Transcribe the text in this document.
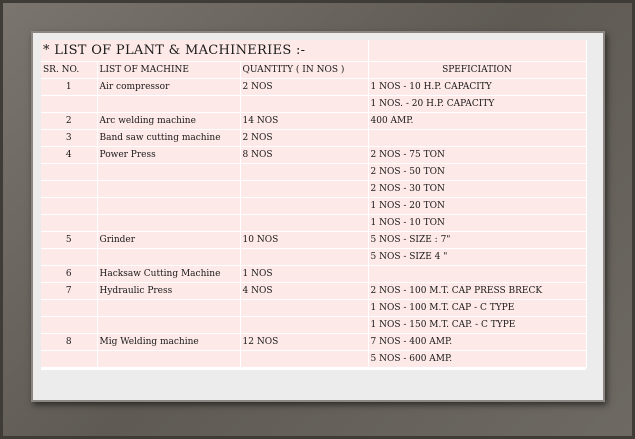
* LIST OF PLANT & MACHINERIES :-			
SR. NO.	LIST OF MACHINE	QUANTITY ( IN NOS )	SPEFICIATION
1	Air compressor	2 NOS	1 NOS - 10 H.P. CAPACITY
			1 NOS. - 20 H.P. CAPACITY
2	Arc welding machine	14 NOS	400 AMP.
3	Band saw cutting machine	2 NOS	
4	Power Press	8 NOS	2 NOS - 75 TON
			2 NOS - 50 TON
			2 NOS - 30 TON
			1 NOS - 20 TON
			1 NOS - 10 TON
5	Grinder	10 NOS	5 NOS - SIZE : 7"
			5 NOS - SIZE 4 "
6	Hacksaw Cutting Machine	1 NOS	
7	Hydraulic Press	4 NOS	2 NOS - 100 M.T. CAP PRESS BRECK
			1 NOS - 100 M.T. CAP - C TYPE
			1 NOS - 150 M.T. CAP. - C TYPE
8	Mig Welding machine	12 NOS	7 NOS - 400 AMP.
			5 NOS - 600 AMP.
